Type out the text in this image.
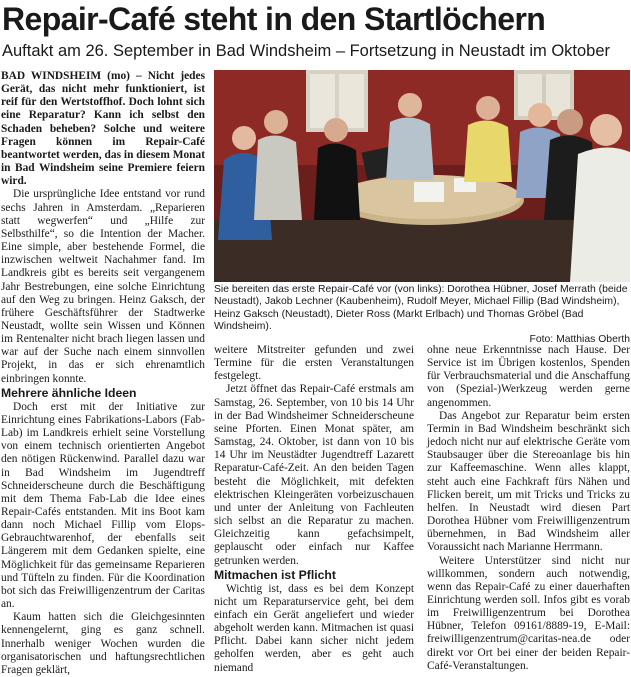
Repair-Café steht in den Startlöchern
Auftakt am 26. September in Bad Windsheim – Fortsetzung in Neustadt im Oktober

BAD WINDSHEIM (mo) – Nicht jedes Gerät, das nicht mehr funktioniert, ist reif für den Wertstoffhof. Doch lohnt sich eine Reparatur? Kann ich selbst den Schaden beheben? Solche und weitere Fragen können im Repair-Café beantwortet werden, das in diesem Monat in Bad Windsheim seine Premiere feiern wird.

Die ursprüngliche Idee entstand vor rund sechs Jahren in Amsterdam. „Reparieren statt wegwerfen“ und „Hilfe zur Selbsthilfe“, so die Intention der Macher. Eine simple, aber bestehende Formel, die inzwischen weltweit Nachahmer fand. Im Landkreis gibt es bereits seit vergangenem Jahr Bestrebungen, eine solche Einrichtung auf den Weg zu bringen. Heinz Gaksch, der frühere Geschäftsführer der Stadtwerke Neustadt, wollte sein Wissen und Können im Rentenalter nicht brach liegen lassen und war auf der Suche nach einem sinnvollen Projekt, in das er sich ehrenamtlich einbringen konnte.

Mehrere ähnliche Ideen

Doch erst mit der Initiative zur Einrichtung eines Fabrikations-Labors (Fab-Lab) im Landkreis erhielt seine Vorstellung von einem technisch orientierten Angebot den nötigen Rückenwind. Parallel dazu war in Bad Windsheim im Jugendtreff Schneiderscheune durch die Beschäftigung mit dem Thema Fab-Lab die Idee eines Repair-Cafés entstanden. Mit ins Boot kam dann noch Michael Fillip vom Elops-Gebrauchtwarenhof, der ebenfalls seit Längerem mit dem Gedanken spielte, eine Möglichkeit für das gemeinsame Reparieren und Tüfteln zu finden. Für die Koordination bot sich das Freiwilligenzentrum der Caritas an.

Kaum hatten sich die Gleichgesinnten kennengelernt, ging es ganz schnell. Innerhalb weniger Wochen wurden die organisatorischen und haftungsrechtlichen Fragen geklärt,

Sie bereiten das erste Repair-Café vor (von links): Dorothea Hübner, Josef Merrath (beide Neustadt), Jakob Lechner (Kaubenheim), Rudolf Meyer, Michael Fillip (Bad Windsheim), Heinz Gaksch (Neustadt), Dieter Ross (Markt Erlbach) und Thomas Gröbel (Bad Windsheim).
Foto: Matthias Oberth

weitere Mitstreiter gefunden und zwei Termine für die ersten Veranstaltungen festgelegt.

Jetzt öffnet das Repair-Café erstmals am Samstag, 26. September, von 10 bis 14 Uhr in der Bad Windsheimer Schneiderscheune seine Pforten. Einen Monat später, am Samstag, 24. Oktober, ist dann von 10 bis 14 Uhr im Neustädter Jugendtreff Lazarett Reparatur-Café-Zeit. An den beiden Tagen besteht die Möglichkeit, mit defekten elektrischen Kleingeräten vorbeizuschauen und unter der Anleitung von Fachleuten sich selbst an die Reparatur zu machen. Gleichzeitig kann gefachsimpelt, geplauscht oder einfach nur Kaffee getrunken werden.

Mitmachen ist Pflicht

Wichtig ist, dass es bei dem Konzept nicht um Reparaturservice geht, bei dem einfach ein Gerät angeliefert und wieder abgeholt werden kann. Mitmachen ist quasi Pflicht. Dabei kann sicher nicht jedem geholfen werden, aber es geht auch niemand

ohne neue Erkenntnisse nach Hause. Der Service ist im Übrigen kostenlos, Spenden für Verbrauchsmaterial und die Anschaffung von (Spezial-)Werkzeug werden gerne angenommen.

Das Angebot zur Reparatur beim ersten Termin in Bad Windsheim beschränkt sich jedoch nicht nur auf elektrische Geräte vom Staubsauger über die Stereoanlage bis hin zur Kaffeemaschine. Wenn alles klappt, steht auch eine Fachkraft fürs Nähen und Flicken bereit, um mit Tricks und Tricks zu helfen. In Neustadt wird diesen Part Dorothea Hübner vom Freiwilligenzentrum übernehmen, in Bad Windsheim aller Voraussicht nach Marianne Herrmann.

Weitere Unterstützer sind nicht nur willkommen, sondern auch notwendig, wenn das Repair-Café zu einer dauerhaften Einrichtung werden soll. Infos gibt es vorab im Freiwilligenzentrum bei Dorothea Hübner, Telefon 09161/8889-19, E-Mail: freiwilligenzentrum@caritas-nea.de oder direkt vor Ort bei einer der beiden Repair-Café-Veranstaltungen.
